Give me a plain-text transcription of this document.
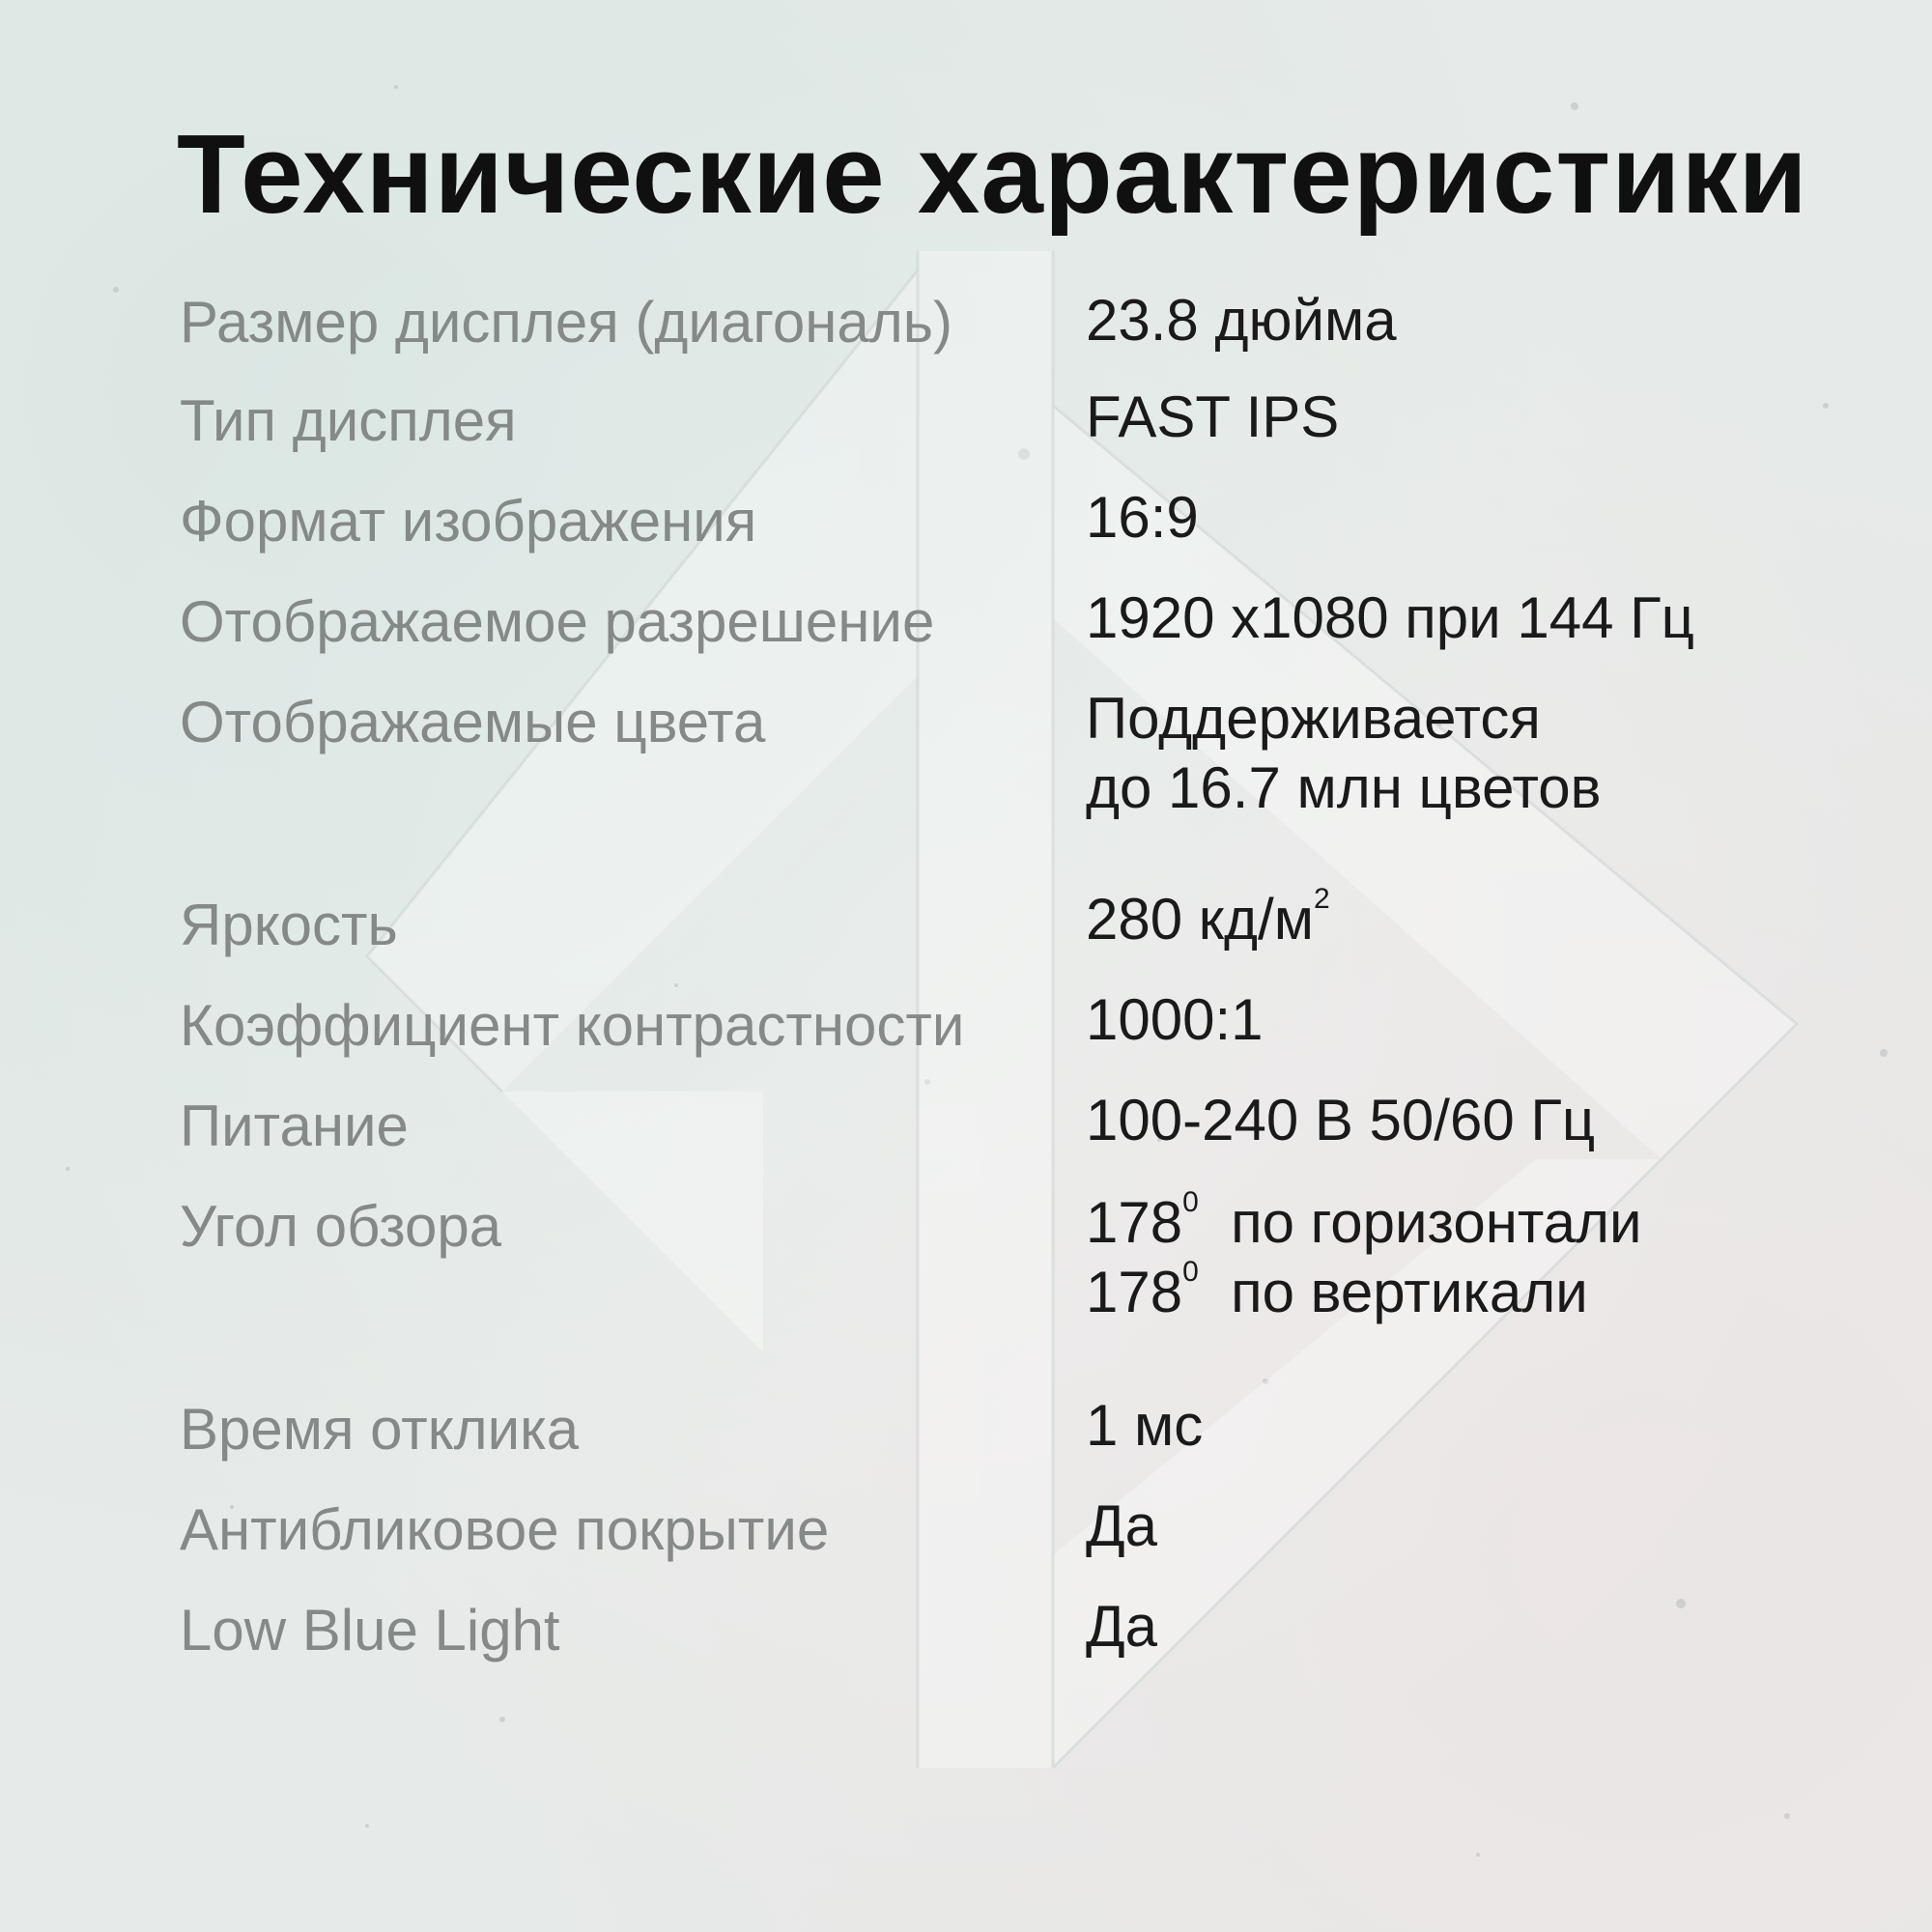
Технические характеристики

Размер дисплея (диагональ) 23.8 дюйма

Тип дисплея	FAST IPS

Формат изображения	16:9

Отображаемое разрешение	1920 x1080 при 144 Гц

Отображаемые цвета	Поддерживается
до 16.7 млн цветов

Яркость	280 $кд/м^2$

Коэффициент контрастности 1000:1

Питание	100-240 В 50/60 Гц

Угол обзора	$178^0$ по горизонтали
$178^0$ по вертикали

Время отклика	1 мс

Антибликовое покрытие	Да

Low Blue Light	Да
